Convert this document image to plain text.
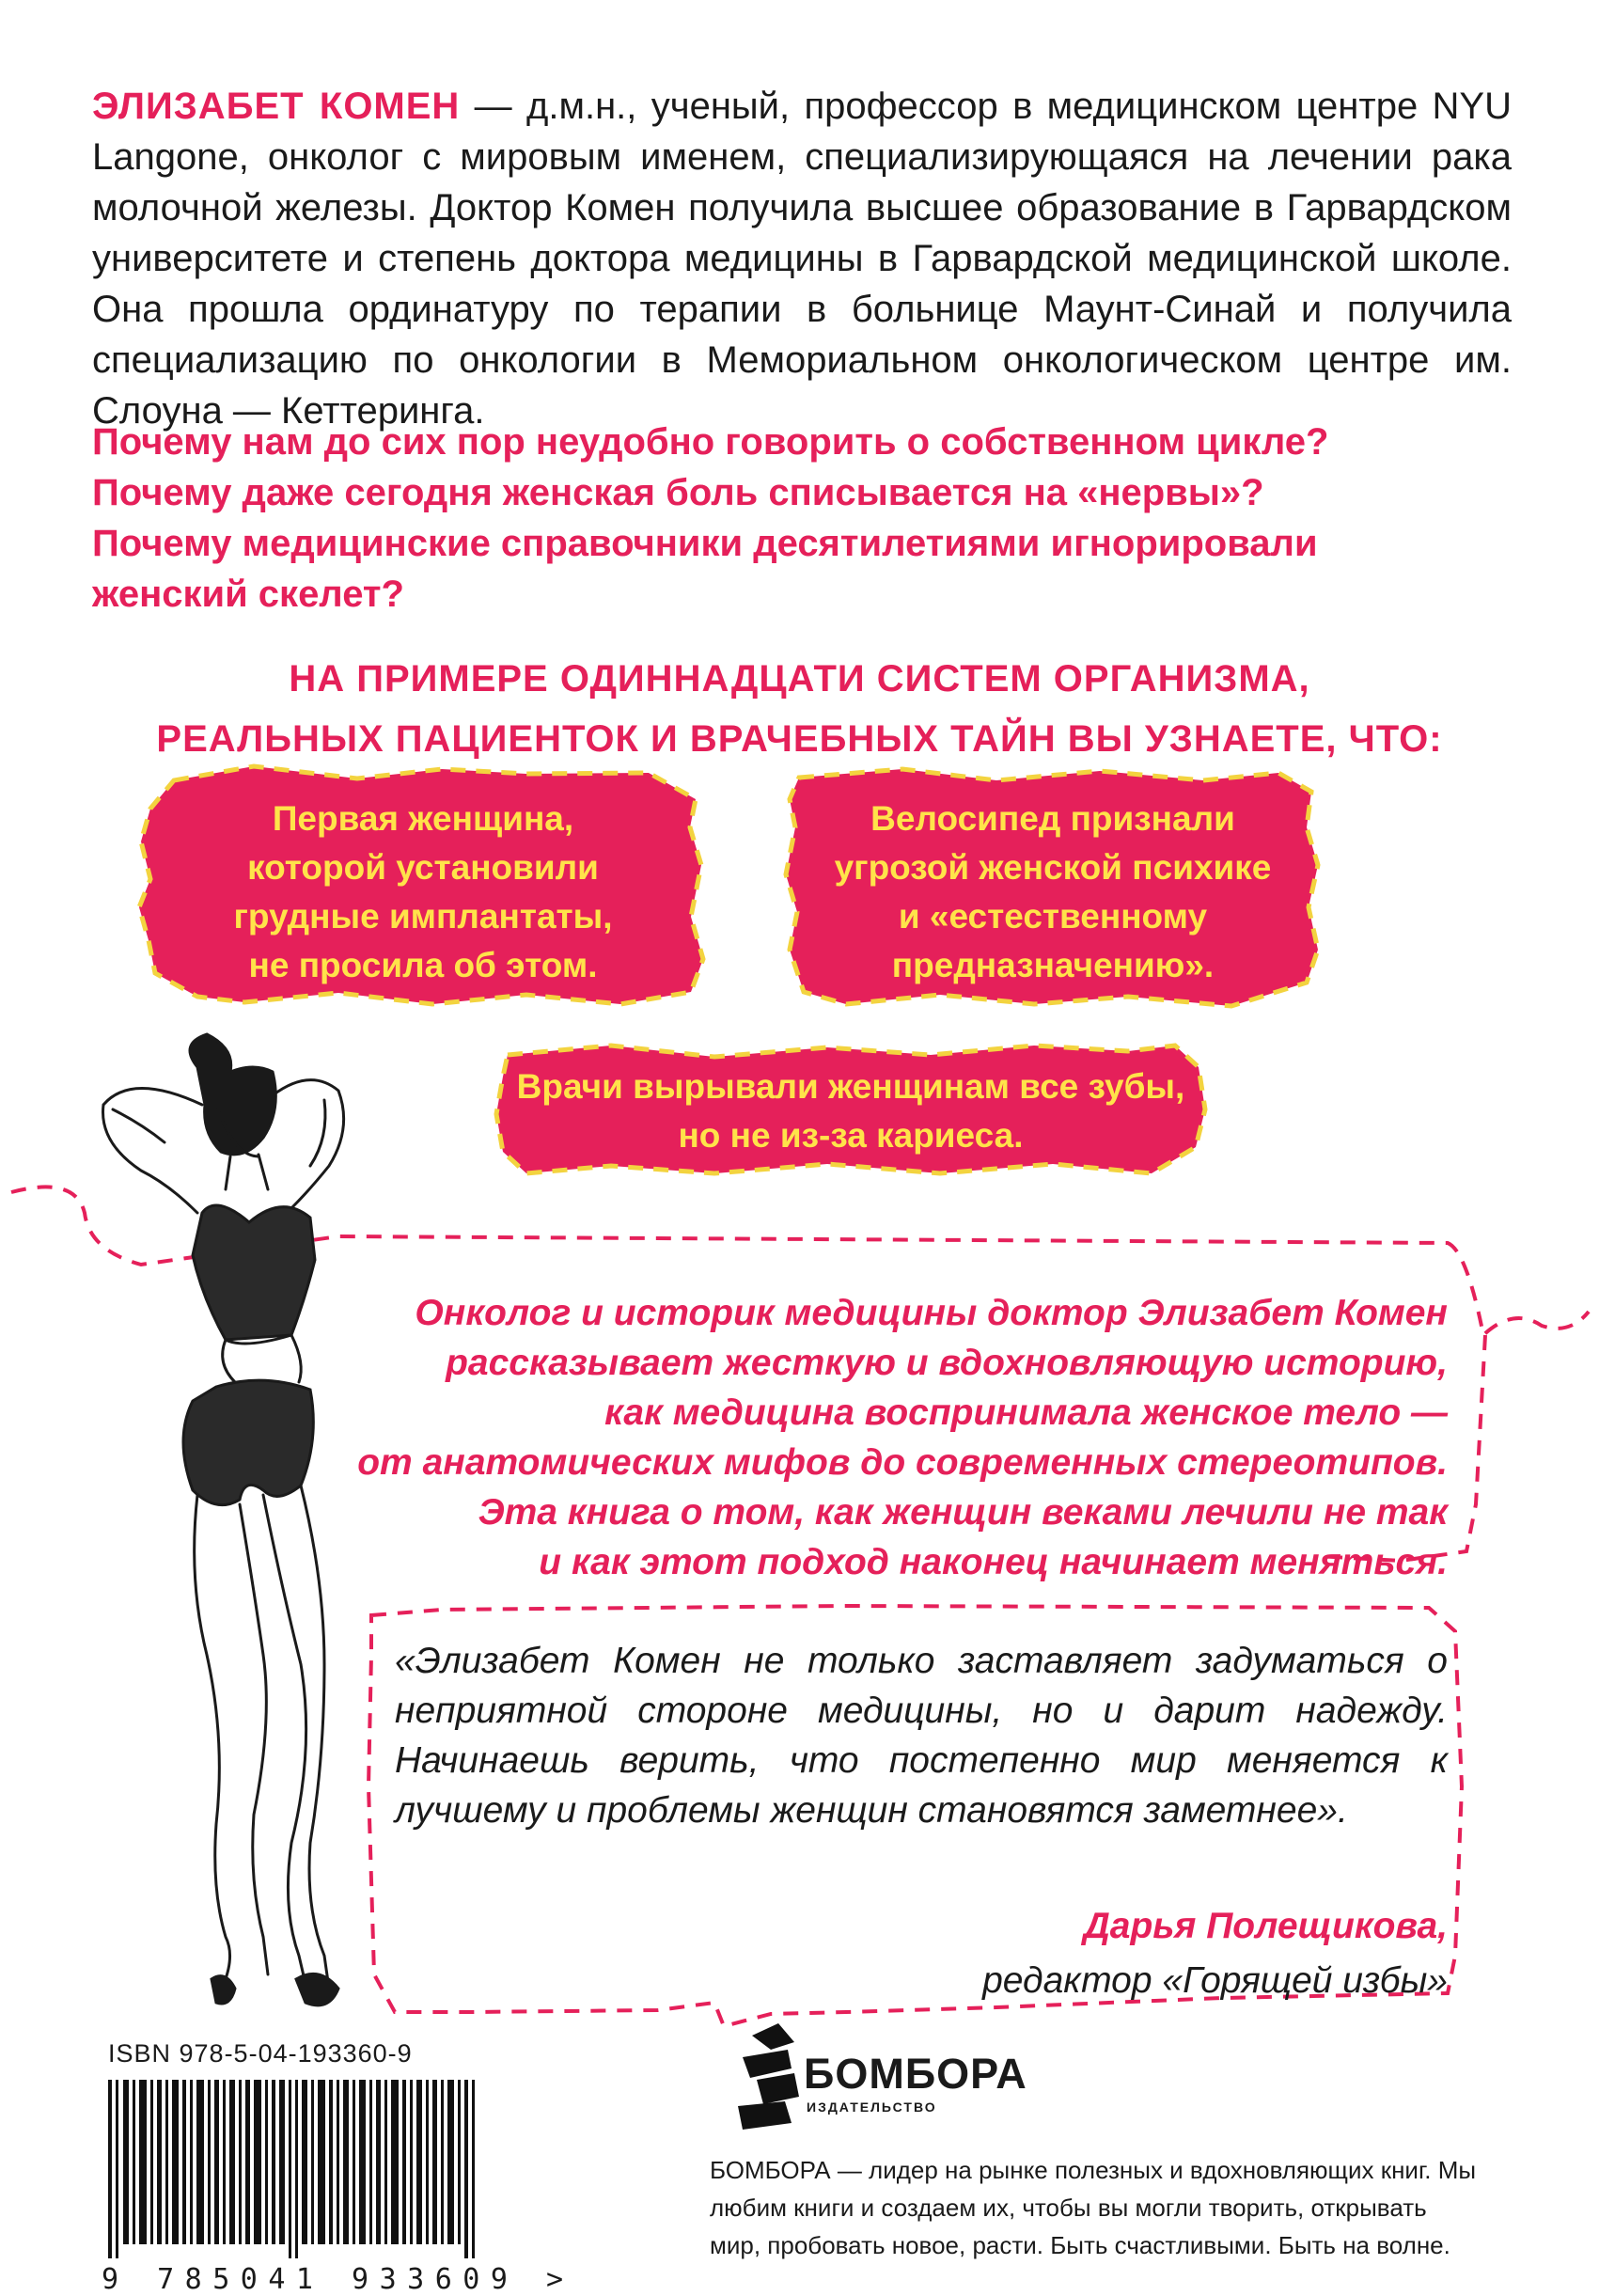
ЭЛИЗАБЕТ КОМЕН — д.м.н., ученый, профессор в медицинском центре NYU Langone, онколог с мировым именем, специализирующаяся на лечении рака молочной железы. Доктор Комен получила высшее образование в Гарвардском университете и степень доктора медицины в Гарвардской медицинской школе. Она прошла ординатуру по терапии в больнице Маунт-Синай и получила специализацию по онкологии в Мемориальном онкологическом центре им. Слоуна — Кеттеринга.
Почему нам до сих пор неудобно говорить о собственном цикле?
Почему даже сегодня женская боль списывается на «нервы»?
Почему медицинские справочники десятилетиями игнорировали
женский скелет?
НА ПРИМЕРЕ ОДИННАДЦАТИ СИСТЕМ ОРГАНИЗМА,
РЕАЛЬНЫХ ПАЦИЕНТОК И ВРАЧЕБНЫХ ТАЙН ВЫ УЗНАЕТЕ, ЧТО:
Первая женщина,
которой установили
грудные имплантаты,
не просила об этом.
Велосипед признали
угрозой женской психике
и «естественному
предназначению».
Врачи вырывали женщинам все зубы,
но не из-за кариеса.
Онколог и историк медицины доктор Элизабет Комен
рассказывает жесткую и вдохновляющую историю,
как медицина воспринимала женское тело —
от анатомических мифов до современных стереотипов.
Эта книга о том, как женщин веками лечили не так
и как этот подход наконец начинает меняться.
«Элизабет Комен не только заставляет задуматься о неприятной стороне медицины, но и дарит надежду. Начинаешь верить, что постепенно мир меняется к лучшему и проблемы женщин становятся заметнее».
Дарья Полещикова,
редактор «Горящей избы»
ISBN 978-5-04-193360-9
9 785041 933609 >
БОМБОРА
ИЗДАТЕЛЬСТВО
БОМБОРА — лидер на рынке полезных и вдохновляющих книг. Мы любим книги и создаем их, чтобы вы могли творить, открывать мир, пробовать новое, расти. Быть счастливыми. Быть на волне.
